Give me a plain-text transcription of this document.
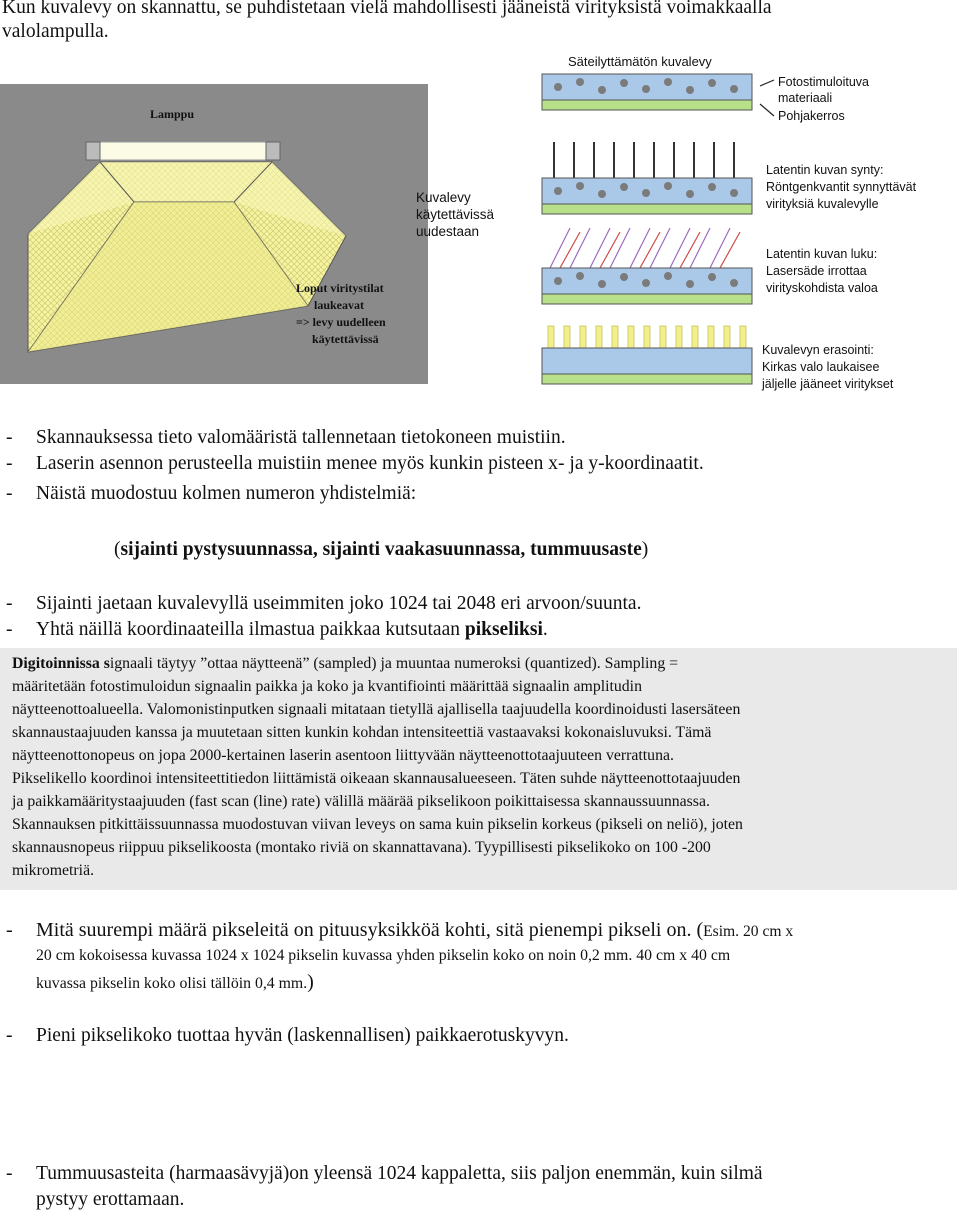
Kun kuvalevy on skannattu, se puhdistetaan vielä mahdollisesti jääneistä virityksistä voimakkaalla
valolampulla.
Lamppu
Loput viritystilat
laukeavat
=> levy uudelleen
käytettävissä
Kuvalevy
käytettävissä
uudestaan
Säteilyttämätön kuvalevy
Fotostimuloituva
materiaali
Pohjakerros
Latentin kuvan synty:
Röntgenkvantit synnyttävät
virityksiä kuvalevylle
Latentin kuvan luku:
Lasersäde irrottaa
virityskohdista valoa
Kuvalevyn erasointi:
Kirkas valo laukaisee
jäljelle jääneet viritykset
- Skannauksessa tieto valomääristä tallennetaan tietokoneen muistiin.
- Laserin asennon perusteella muistiin menee myös kunkin pisteen x- ja y-koordinaatit.
- Näistä muodostuu kolmen numeron yhdistelmiä:
(sijainti pystysuunnassa, sijainti vaakasuunnassa, tummuusaste)
- Sijainti jaetaan kuvalevyllä useimmiten joko 1024 tai 2048 eri arvoon/suunta.
- Yhtä näillä koordinaateilla ilmastua paikkaa kutsutaan pikseliksi.
Digitoinnissa signaali täytyy ”ottaa näytteenä” (sampled) ja muuntaa numeroksi (quantized). Sampling =
määritetään fotostimuloidun signaalin paikka ja koko ja kvantifiointi määrittää signaalin amplitudin
näytteenottoalueella. Valomonistinputken signaali mitataan tietyllä ajallisella taajuudella koordinoidusti lasersäteen
skannaustaajuuden kanssa ja muutetaan sitten kunkin kohdan intensiteettiä vastaavaksi kokonaisluvuksi. Tämä
näytteenottonopeus on jopa 2000-kertainen laserin asentoon liittyvään näytteenottotaajuuteen verrattuna.
Pikselikello koordinoi intensiteettitiedon liittämistä oikeaan skannausalueeseen. Täten suhde näytteenottotaajuuden
ja paikkamääritystaajuuden (fast scan (line) rate) välillä määrää pikselikoon poikittaisessa skannaussuunnassa.
Skannauksen pitkittäissuunnassa muodostuvan viivan leveys on sama kuin pikselin korkeus (pikseli on neliö), joten
skannausnopeus riippuu pikselikoosta (montako riviä on skannattavana). Tyypillisesti pikselikoko on 100 -200
mikrometriä.
- Mitä suurempi määrä pikseleitä on pituusyksikköä kohti, sitä pienempi pikseli on. (Esim. 20 cm x
20 cm kokoisessa kuvassa 1024 x 1024 pikselin kuvassa yhden pikselin koko on noin 0,2 mm. 40 cm x 40 cm
kuvassa pikselin koko olisi tällöin 0,4 mm.)
- Pieni pikselikoko tuottaa hyvän (laskennallisen) paikkaerotuskyvyn.
- Tummuusasteita (harmaasävyjä)on yleensä 1024 kappaletta, siis paljon enemmän, kuin silmä
pystyy erottamaan.
